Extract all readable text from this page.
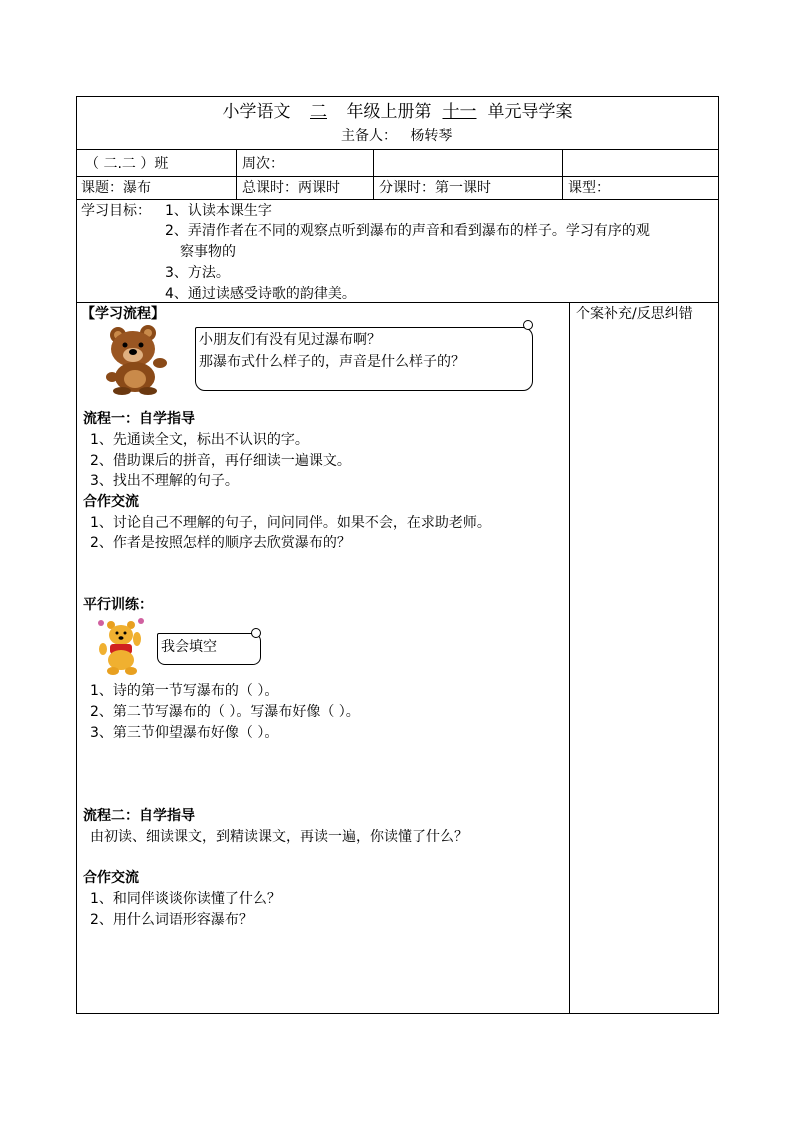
小学语文 二 年级上册第 十一 单元导学案
主备人： 杨转琴
（ 二.二 ）班	周次：
课题：瀑布	总课时：两课时	分课时：第一课时	课型：
学习目标： 1、认读本课生字
2、弄清作者在不同的观察点听到瀑布的声音和看到瀑布的样子。学习有序的观
察事物的
3、方法。
4、通过读感受诗歌的韵律美。
【学习流程】	个案补充/反思纠错
小朋友们有没有见过瀑布啊？
那瀑布式什么样子的，声音是什么样子的？
流程一：自学指导
1、先通读全文，标出不认识的字。
2、借助课后的拼音，再仔细读一遍课文。
3、找出不理解的句子。
合作交流
1、讨论自己不理解的句子，问问同伴。如果不会，在求助老师。
2、作者是按照怎样的顺序去欣赏瀑布的？
平行训练：
我会填空
1、诗的第一节写瀑布的（ ）。
2、第二节写瀑布的（ ）。写瀑布好像（ ）。
3、第三节仰望瀑布好像（ ）。
流程二：自学指导
由初读、细读课文，到精读课文，再读一遍，你读懂了什么？
合作交流
1、和同伴谈谈你读懂了什么？
2、用什么词语形容瀑布？
